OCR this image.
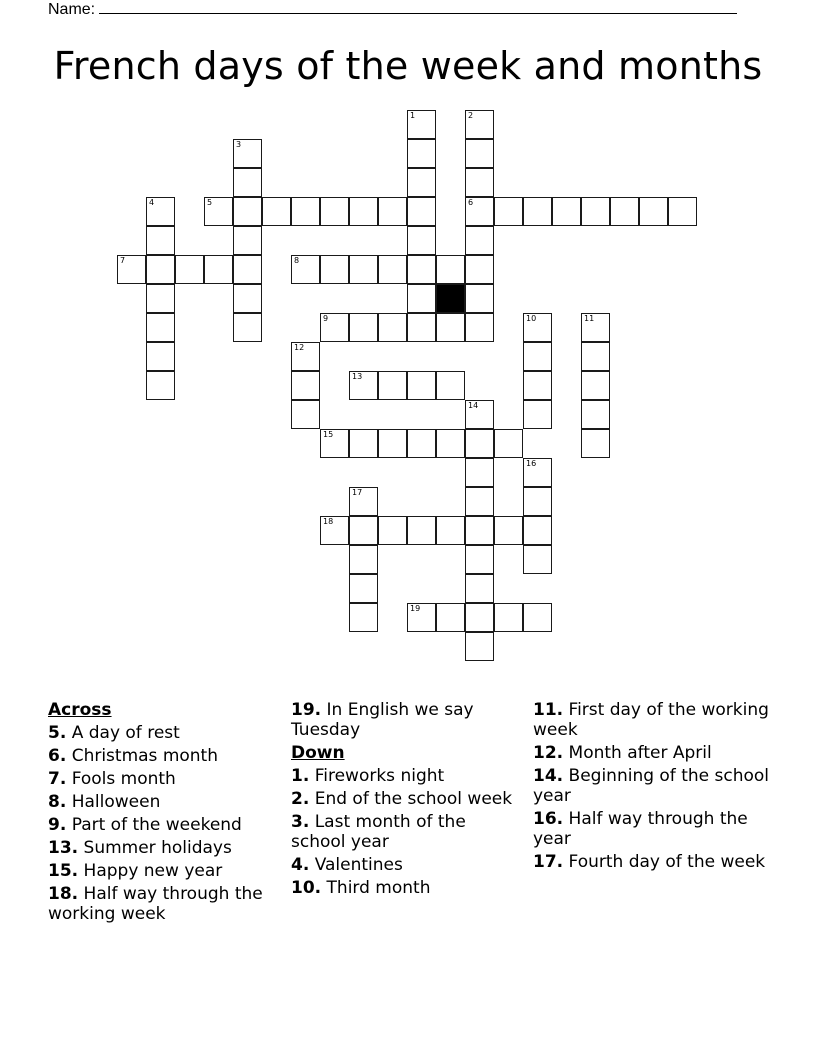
Name:
French days of the week and months
1	2
6
3
4	5
7	8
9	10	11
12
13
14
15
16
17
18
19
Across
5. A day of rest
6. Christmas month
7. Fools month
8. Halloween
9. Part of the weekend
13. Summer holidays
15. Happy new year
18. Half way through the working week
19. In English we say Tuesday
Down
1. Fireworks night
2. End of the school week
3. Last month of the school year
4. Valentines
10. Third month
11. First day of the working week
12. Month after April
14. Beginning of the school year
16. Half way through the year
17. Fourth day of the week
